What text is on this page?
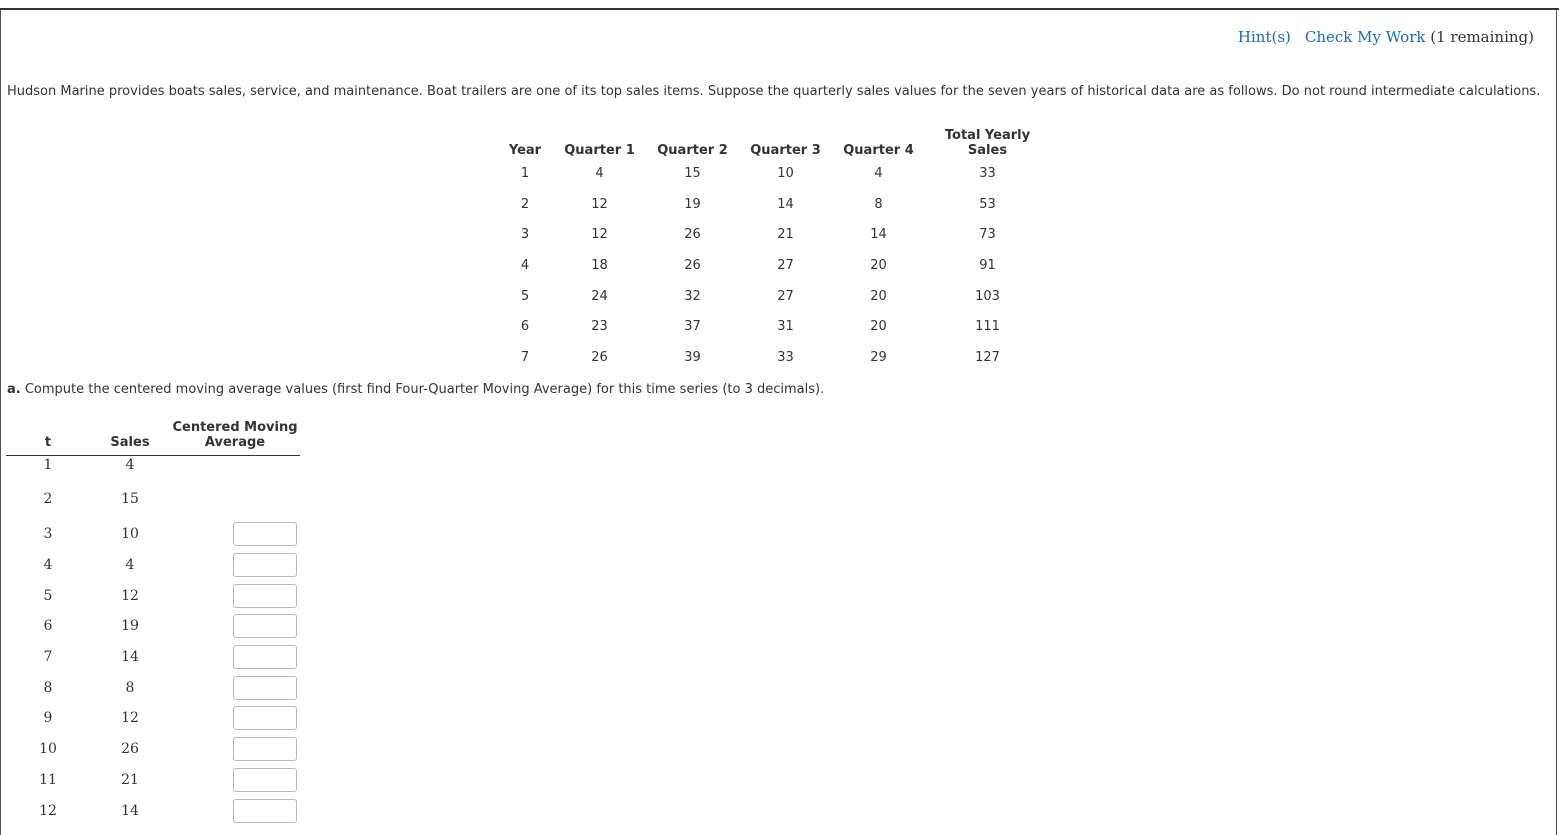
Hint(s) Check My Work (1 remaining)
Hudson Marine provides boats sales, service, and maintenance. Boat trailers are one of its top sales items. Suppose the quarterly sales values for the seven years of historical data are as follows. Do not round intermediate calculations.
Year	Quarter 1	Quarter 2	Quarter 3	Quarter 4	Total Yearly
Sales
1	4	15	10	4	33
2	12	19	14	8	53
3	12	26	21	14	73
4	18	26	27	20	91
5	24	32	27	20	103
6	23	37	31	20	111
7	26	39	33	29	127
a. Compute the centered moving average values (first find Four-Quarter Moving Average) for this time series (to 3 decimals).
t	Sales	Centered Moving
Average
1	4	
2	15	
3	10	

4	4	

5	12	

6	19	

7	14	

8	8	

9	12	

10	26	

11	21	

12	14	
